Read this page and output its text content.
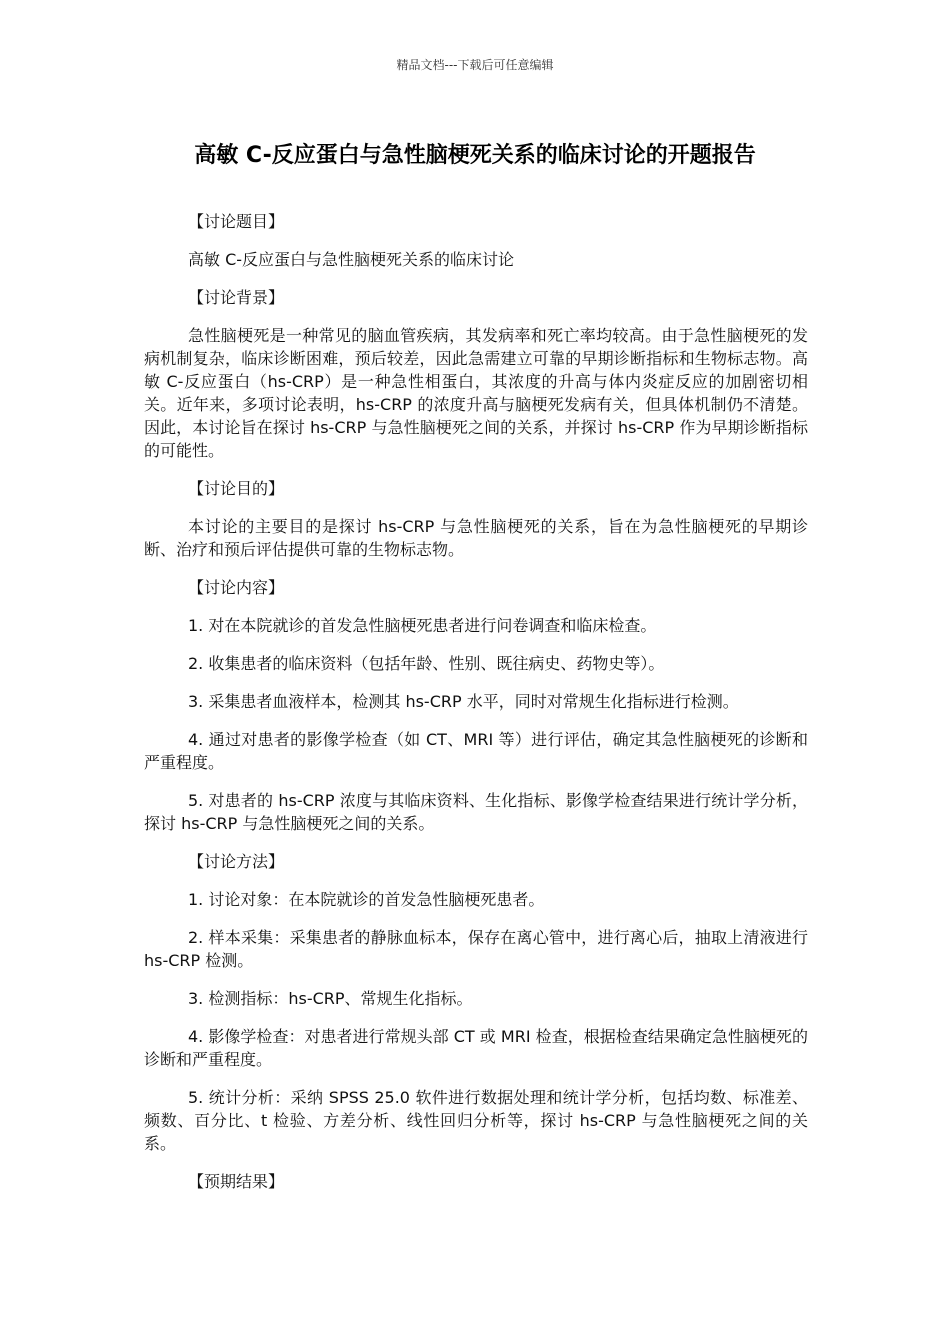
精品文档---下载后可任意编辑
高敏 C-反应蛋白与急性脑梗死关系的临床讨论的开题报告

【讨论题目】

高敏 C-反应蛋白与急性脑梗死关系的临床讨论

【讨论背景】

急性脑梗死是一种常见的脑血管疾病，其发病率和死亡率均较高。由于急性脑梗死的发病机制复杂，临床诊断困难，预后较差，因此急需建立可靠的早期诊断指标和生物标志物。高敏 C-反应蛋白（hs-CRP）是一种急性相蛋白，其浓度的升高与体内炎症反应的加剧密切相关。近年来，多项讨论表明，hs-CRP 的浓度升高与脑梗死发病有关，但具体机制仍不清楚。因此，本讨论旨在探讨 hs-CRP 与急性脑梗死之间的关系，并探讨 hs-CRP 作为早期诊断指标的可能性。

【讨论目的】

本讨论的主要目的是探讨 hs-CRP 与急性脑梗死的关系，旨在为急性脑梗死的早期诊断、治疗和预后评估提供可靠的生物标志物。

【讨论内容】

1. 对在本院就诊的首发急性脑梗死患者进行问卷调查和临床检查。

2. 收集患者的临床资料（包括年龄、性别、既往病史、药物史等）。

3. 采集患者血液样本，检测其 hs-CRP 水平，同时对常规生化指标进行检测。

4. 通过对患者的影像学检查（如 CT、MRI 等）进行评估，确定其急性脑梗死的诊断和严重程度。

5. 对患者的 hs-CRP 浓度与其临床资料、生化指标、影像学检查结果进行统计学分析，探讨 hs-CRP 与急性脑梗死之间的关系。

【讨论方法】

1. 讨论对象：在本院就诊的首发急性脑梗死患者。

2. 样本采集：采集患者的静脉血标本，保存在离心管中，进行离心后，抽取上清液进行 hs-CRP 检测。

3. 检测指标：hs-CRP、常规生化指标。

4. 影像学检查：对患者进行常规头部 CT 或 MRI 检查，根据检查结果确定急性脑梗死的诊断和严重程度。

5. 统计分析：采纳 SPSS 25.0 软件进行数据处理和统计学分析，包括均数、标准差、频数、百分比、t 检验、方差分析、线性回归分析等，探讨 hs-CRP 与急性脑梗死之间的关系。

【预期结果】
